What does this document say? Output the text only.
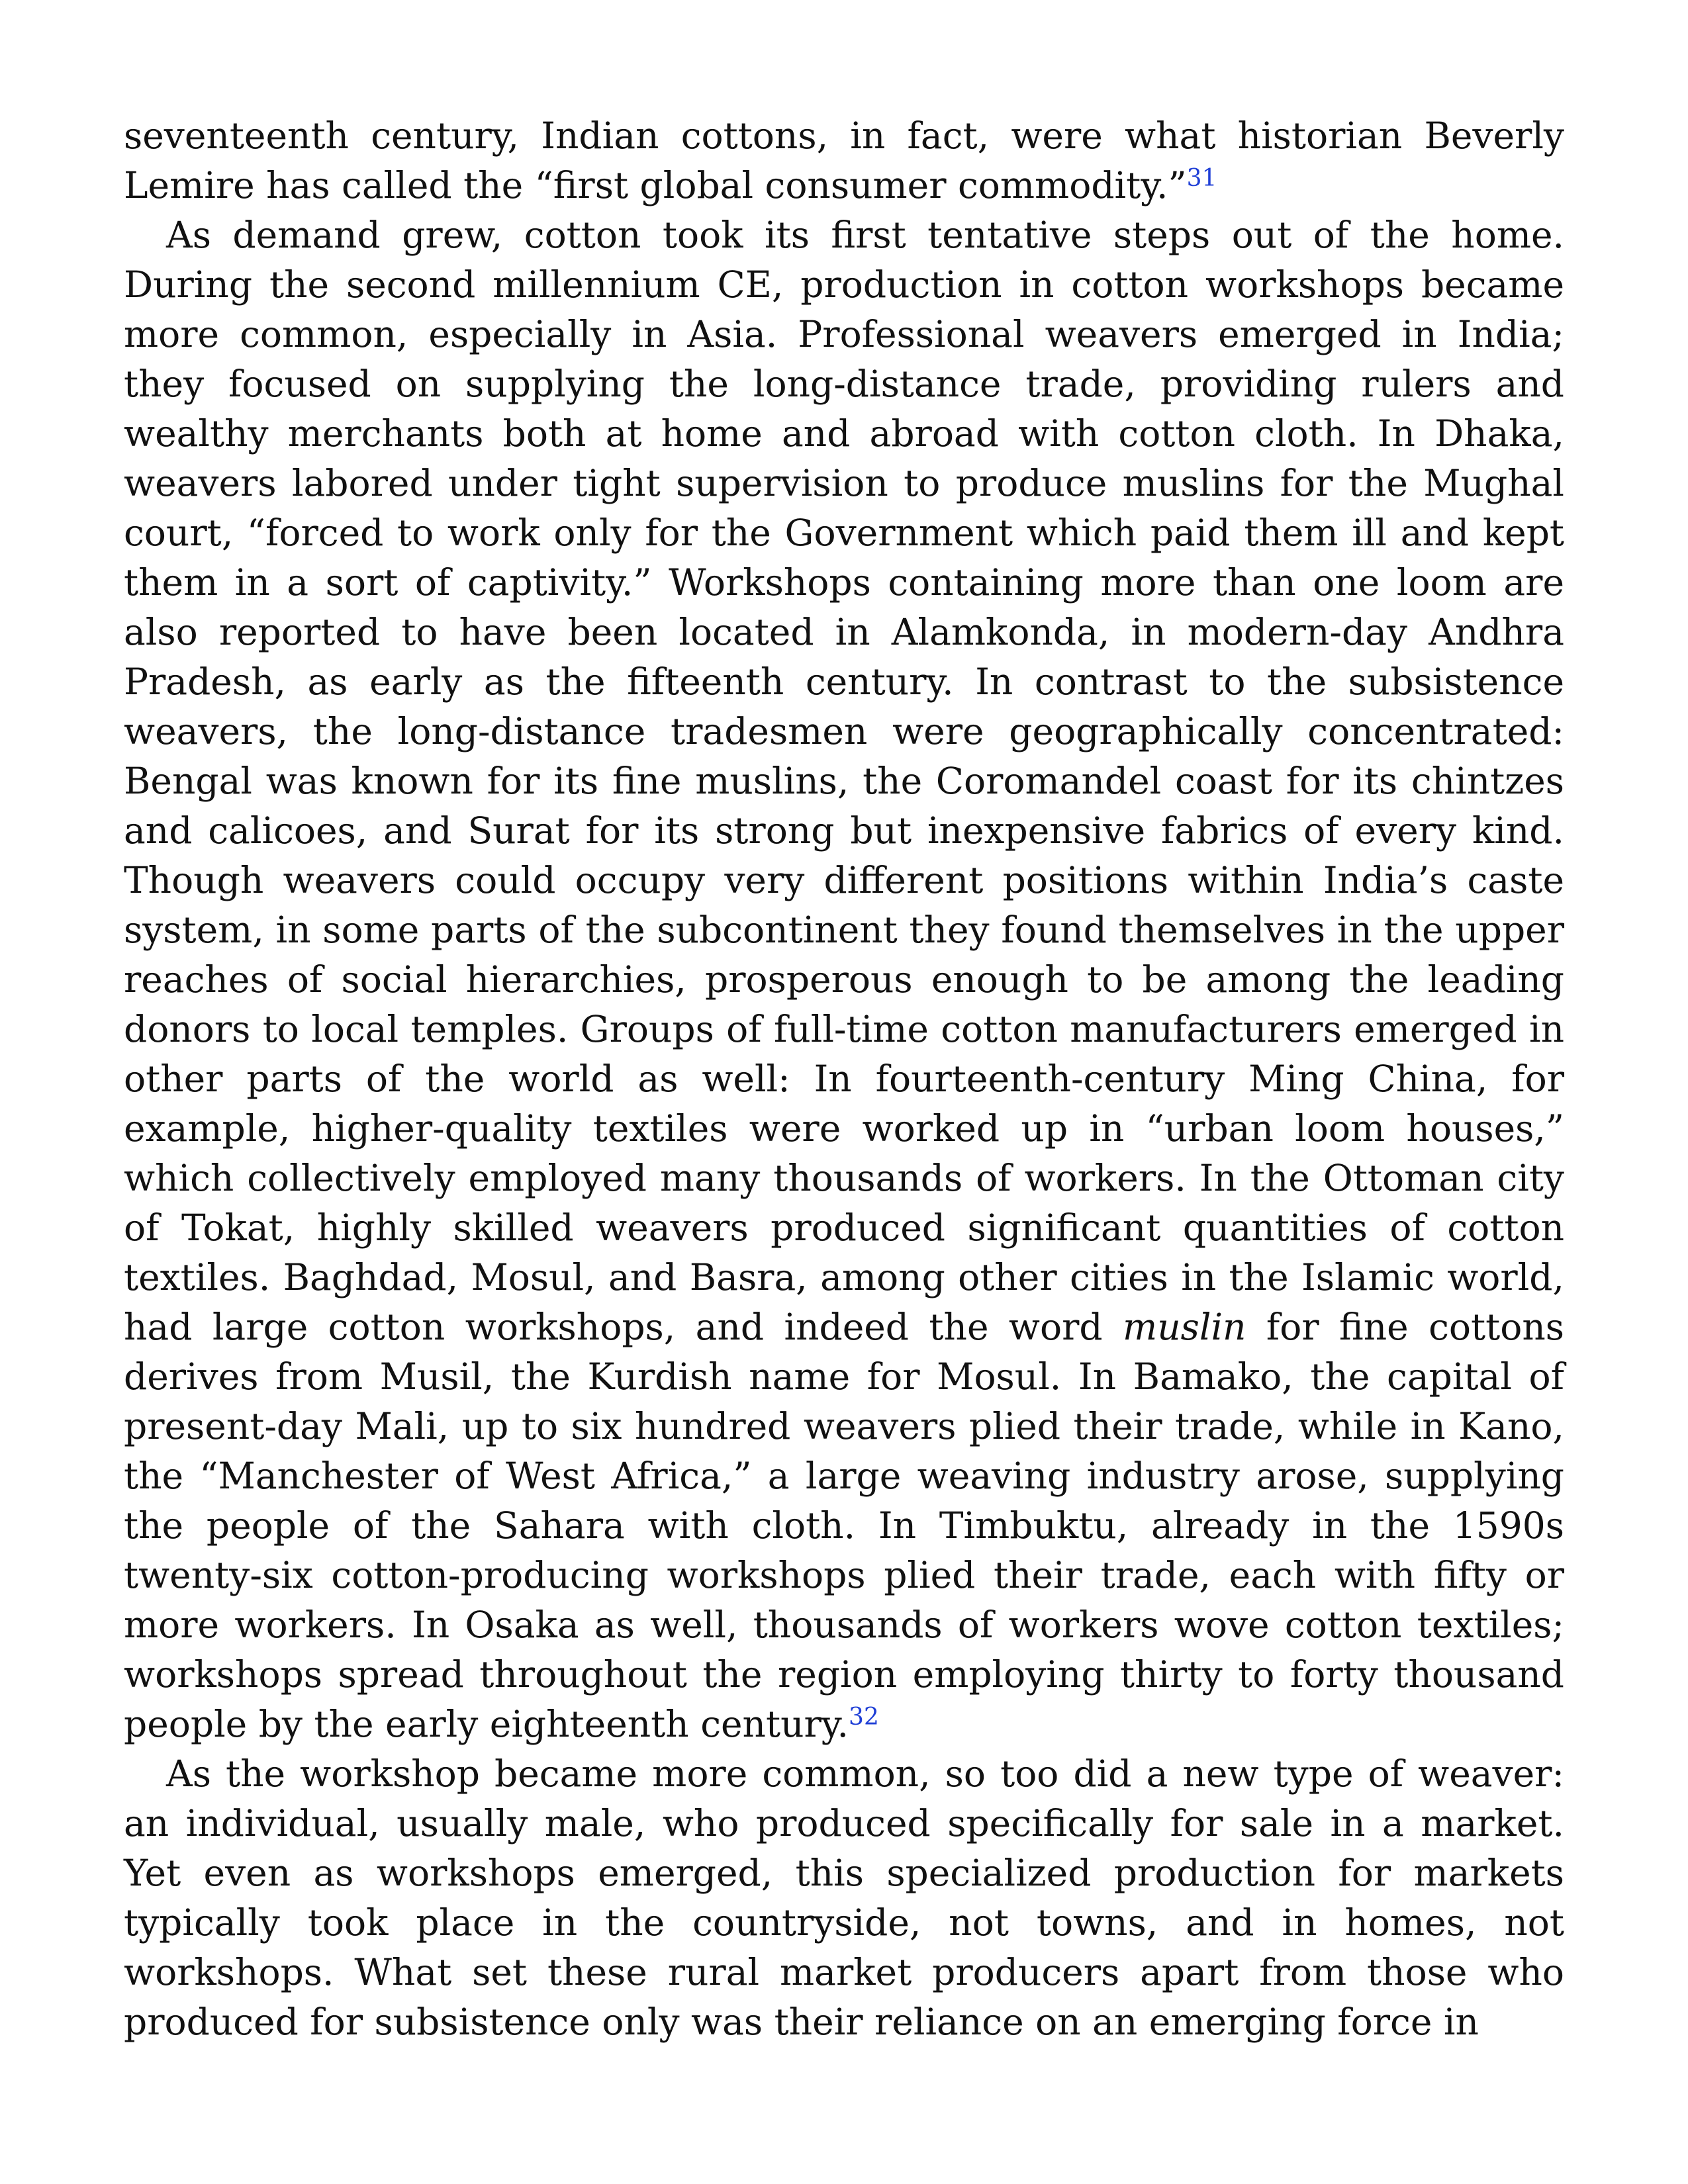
seventeenth century, Indian cottons, in fact, were what historian Beverly Lemire has called the “first global consumer commodity.”$^{31}$

As demand grew, cotton took its first tentative steps out of the home. During the second millennium CE, production in cotton workshops became more common, especially in Asia. Professional weavers emerged in India; they focused on supplying the long-distance trade, providing rulers and wealthy merchants both at home and abroad with cotton cloth. In Dhaka, weavers labored under tight supervision to produce muslins for the Mughal court, “forced to work only for the Government which paid them ill and kept them in a sort of captivity.” Workshops containing more than one loom are also reported to have been located in Alamkonda, in modern-day Andhra Pradesh, as early as the fifteenth century. In contrast to the subsistence weavers, the long-distance tradesmen were geographically concentrated: Bengal was known for its fine muslins, the Coromandel coast for its chintzes and calicoes, and Surat for its strong but inexpensive fabrics of every kind. Though weavers could occupy very different positions within India’s caste system, in some parts of the subcontinent they found themselves in the upper reaches of social hierarchies, prosperous enough to be among the leading donors to local temples. Groups of full-time cotton manufacturers emerged in other parts of the world as well: In fourteenth-century Ming China, for example, higher-quality textiles were worked up in “urban loom houses,” which collectively employed many thousands of workers. In the Ottoman city of Tokat, highly skilled weavers produced significant quantities of cotton textiles. Baghdad, Mosul, and Basra, among other cities in the Islamic world, had large cotton workshops, and indeed the word muslin for fine cottons derives from Musil, the Kurdish name for Mosul. In Bamako, the capital of present-day Mali, up to six hundred weavers plied their trade, while in Kano, the “Manchester of West Africa,” a large weaving industry arose, supplying the people of the Sahara with cloth. In Timbuktu, already in the 1590s twenty-six cotton-producing workshops plied their trade, each with fifty or more workers. In Osaka as well, thousands of workers wove cotton textiles; workshops spread throughout the region employing thirty to forty thousand people by the early eighteenth century.$^{32}$

As the workshop became more common, so too did a new type of weaver: an individual, usually male, who produced specifically for sale in a market. Yet even as workshops emerged, this specialized production for markets typically took place in the countryside, not towns, and in homes, not workshops. What set these rural market producers apart from those who produced for subsistence only was their reliance on an emerging force in
